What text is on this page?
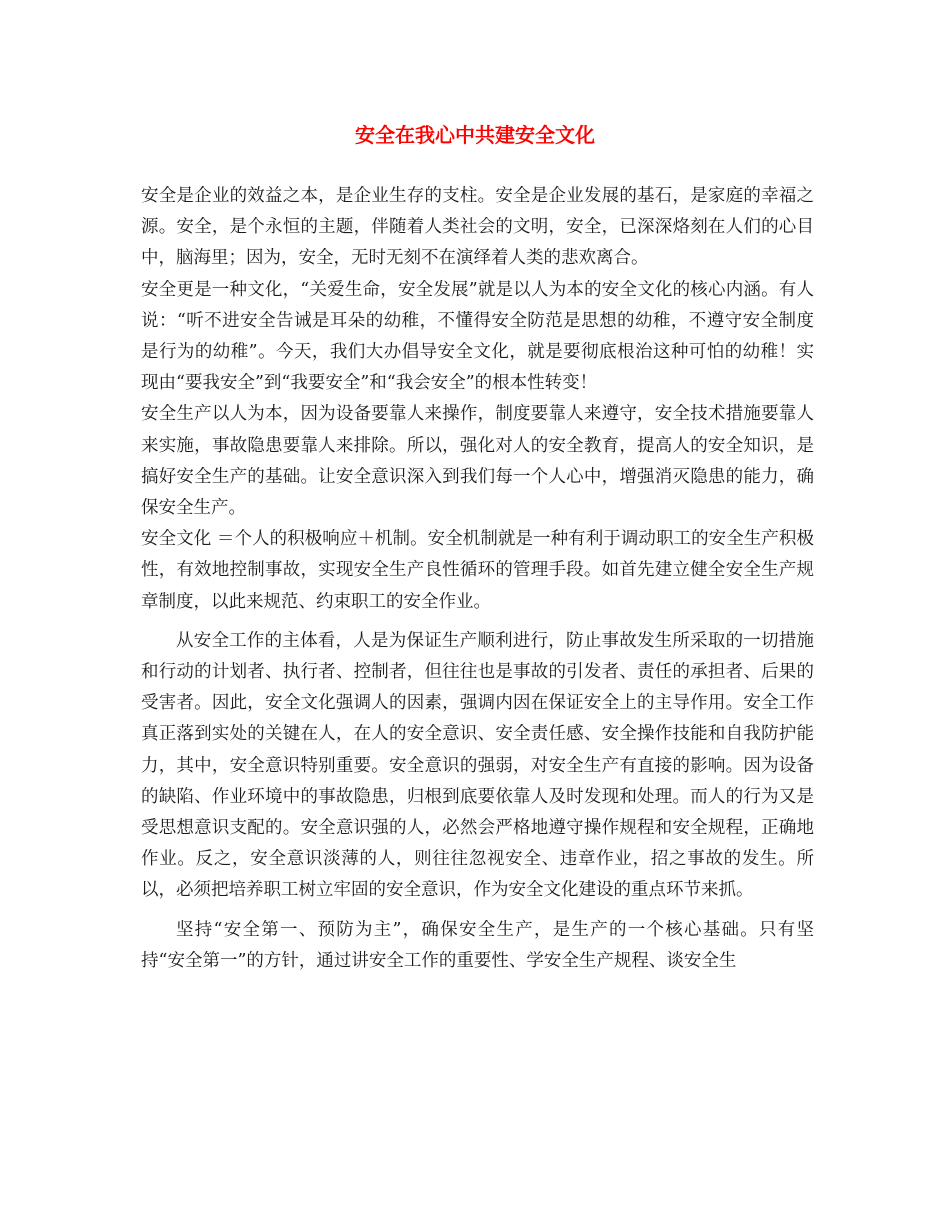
安全在我心中共建安全文化

安全是企业的效益之本，是企业生存的支柱。安全是企业发展的基石，是家庭的幸福之源。安全，是个永恒的主题，伴随着人类社会的文明，安全，已深深烙刻在人们的心目中，脑海里；因为，安全，无时无刻不在演绎着人类的悲欢离合。

安全更是一种文化，“关爱生命，安全发展”就是以人为本的安全文化的核心内涵。有人说：“听不进安全告诫是耳朵的幼稚，不懂得安全防范是思想的幼稚，不遵守安全制度是行为的幼稚”。今天，我们大办倡导安全文化，就是要彻底根治这种可怕的幼稚！实现由“要我安全”到“我要安全”和“我会安全”的根本性转变！

安全生产以人为本，因为设备要靠人来操作，制度要靠人来遵守，安全技术措施要靠人来实施，事故隐患要靠人来排除。所以，强化对人的安全教育，提高人的安全知识，是搞好安全生产的基础。让安全意识深入到我们每一个人心中，增强消灭隐患的能力，确保安全生产。

安全文化 ＝个人的积极响应＋机制。安全机制就是一种有利于调动职工的安全生产积极性，有效地控制事故，实现安全生产良性循环的管理手段。如首先建立健全安全生产规章制度，以此来规范、约束职工的安全作业。

从安全工作的主体看，人是为保证生产顺利进行，防止事故发生所采取的一切措施和行动的计划者、执行者、控制者，但往往也是事故的引发者、责任的承担者、后果的受害者。因此，安全文化强调人的因素，强调内因在保证安全上的主导作用。安全工作真正落到实处的关键在人，在人的安全意识、安全责任感、安全操作技能和自我防护能力，其中，安全意识特别重要。安全意识的强弱，对安全生产有直接的影响。因为设备的缺陷、作业环境中的事故隐患，归根到底要依靠人及时发现和处理。而人的行为又是受思想意识支配的。安全意识强的人，必然会严格地遵守操作规程和安全规程，正确地作业。反之，安全意识淡薄的人，则往往忽视安全、违章作业，招之事故的发生。所以，必须把培养职工树立牢固的安全意识，作为安全文化建设的重点环节来抓。

坚持“安全第一、预防为主”，确保安全生产，是生产的一个核心基础。只有坚持“安全第一”的方针，通过讲安全工作的重要性、学安全生产规程、谈安全生
